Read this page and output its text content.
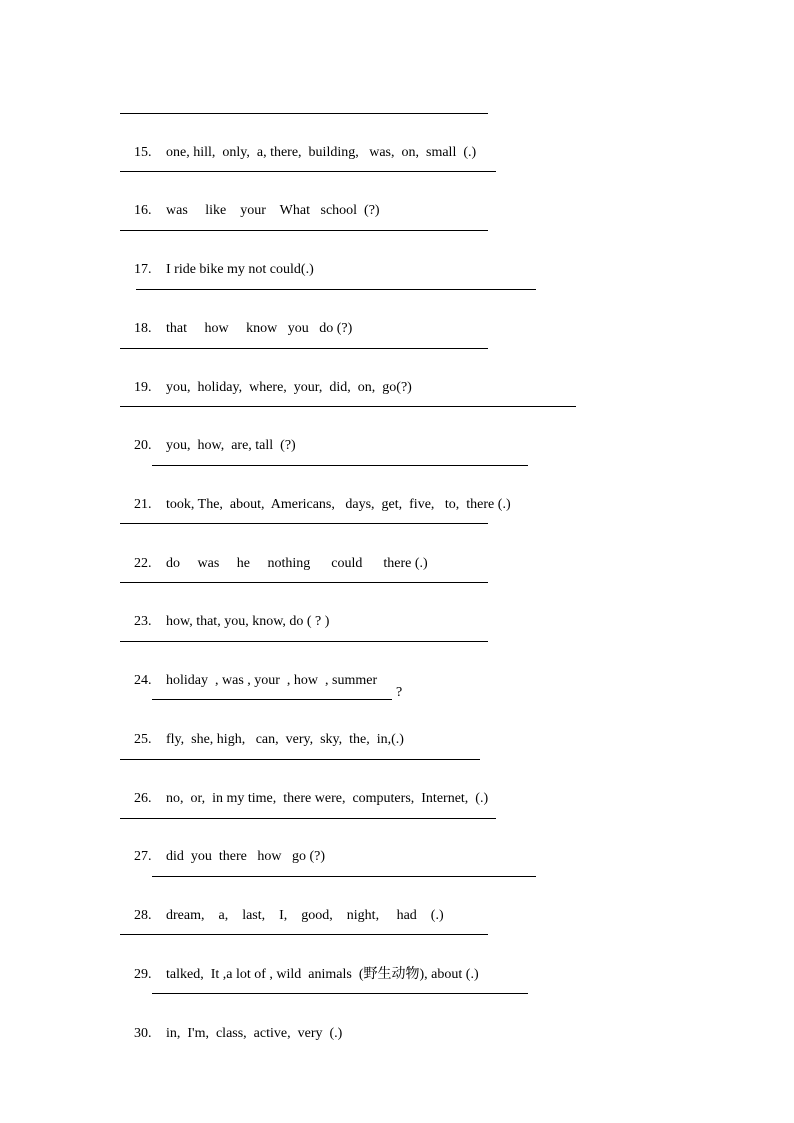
15. one, hill,  only,  a, there,  building,   was,  on,  small  (.)

16. was     like    your    What   school  (?)

17. I ride bike my not could(.)

18. that     how     know   you   do (?)

19. you,  holiday,  where,  your,  did,  on,  go(?)

20. you,  how,  are, tall  (?)

21. took, The,  about,  Americans,   days,  get,  five,   to,  there (.)

22. do     was     he     nothing      could      there (.)

23. how, that, you, know, do ( ? )

24. holiday  , was , your  , how  , summer

?

25. fly,  she, high,   can,  very,  sky,  the,  in,(.)

26. no,  or,  in my time,  there were,  computers,  Internet,  (.)

27. did  you  there   how   go (?)

28. dream,    a,    last,    I,    good,    night,     had    (.)

29. talked,  It ,a lot of , wild  animals  (野生动物), about (.)

30. in,  I'm,  class,  active,  very  (.)
